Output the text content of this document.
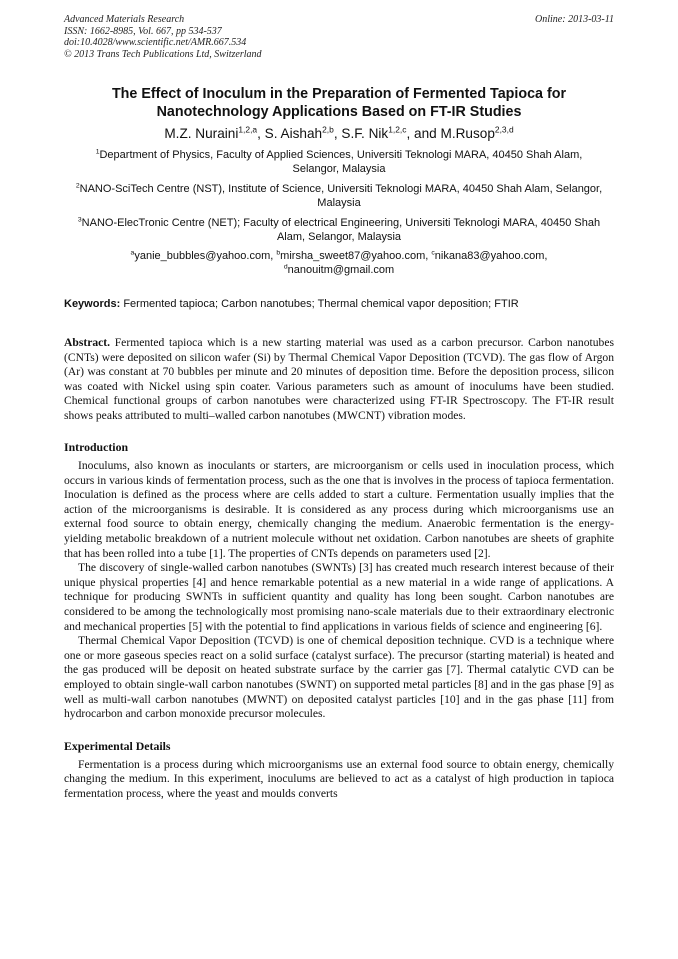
Advanced Materials Research
ISSN: 1662-8985, Vol. 667, pp 534-537
doi:10.4028/www.scientific.net/AMR.667.534
© 2013 Trans Tech Publications Ltd, Switzerland
Online: 2013-03-11
The Effect of Inoculum in the Preparation of Fermented Tapioca for Nanotechnology Applications Based on FT-IR Studies
M.Z. Nuraini$^{1,2,a}$, S. Aishah$^{2,b}$, S.F. Nik$^{1,2,c}$, and M.Rusop$^{2,3,d}$
$^1$Department of Physics, Faculty of Applied Sciences, Universiti Teknologi MARA, 40450 Shah Alam, Selangor, Malaysia
$^2$NANO-SciTech Centre (NST), Institute of Science, Universiti Teknologi MARA, 40450 Shah Alam, Selangor, Malaysia
$^3$NANO-ElecTronic Centre (NET); Faculty of electrical Engineering, Universiti Teknologi MARA, 40450 Shah Alam, Selangor, Malaysia
$^a$yanie_bubbles@yahoo.com, $^b$mirsha_sweet87@yahoo.com, $^c$nikana83@yahoo.com,
$^d$nanouitm@gmail.com
Keywords: Fermented tapioca; Carbon nanotubes; Thermal chemical vapor deposition; FTIR
Abstract. Fermented tapioca which is a new starting material was used as a carbon precursor. Carbon nanotubes (CNTs) were deposited on silicon wafer (Si) by Thermal Chemical Vapor Deposition (TCVD). The gas flow of Argon (Ar) was constant at 70 bubbles per minute and 20 minutes of deposition time. Before the deposition process, silicon was coated with Nickel using spin coater. Various parameters such as amount of inoculums have been studied. Chemical functional groups of carbon nanotubes were characterized using FT-IR Spectroscopy. The FT-IR result shows peaks attributed to multi–walled carbon nanotubes (MWCNT) vibration modes.
Introduction

Inoculums, also known as inoculants or starters, are microorganism or cells used in inoculation process, which occurs in various kinds of fermentation process, such as the one that is involves in the process of tapioca fermentation. Inoculation is defined as the process where are cells added to start a culture. Fermentation usually implies that the action of the microorganisms is desirable. It is considered as any process during which microorganisms use an external food source to obtain energy, chemically changing the medium. Anaerobic fermentation is the energy-yielding metabolic breakdown of a nutrient molecule without net oxidation. Carbon nanotubes are sheets of graphite that has been rolled into a tube [1]. The properties of CNTs depends on parameters used [2].

The discovery of single-walled carbon nanotubes (SWNTs) [3] has created much research interest because of their unique physical properties [4] and hence remarkable potential as a new material in a wide range of applications. A technique for producing SWNTs in sufficient quantity and quality has long been sought. Carbon nanotubes are considered to be among the technologically most promising nano-scale materials due to their extraordinary electronic and mechanical properties [5] with the potential to find applications in various fields of science and engineering [6].

Thermal Chemical Vapor Deposition (TCVD) is one of chemical deposition technique. CVD is a technique where one or more gaseous species react on a solid surface (catalyst surface). The precursor (starting material) is heated and the gas produced will be deposit on heated substrate surface by the carrier gas [7]. Thermal catalytic CVD can be employed to obtain single-wall carbon nanotubes (SWNT) on supported metal particles [8] and in the gas phase [9] as well as multi-wall carbon nanotubes (MWNT) on deposited catalyst particles [10] and in the gas phase [11] from hydrocarbon and carbon monoxide precursor molecules.

Experimental Details

Fermentation is a process during which microorganisms use an external food source to obtain energy, chemically changing the medium. In this experiment, inoculums are believed to act as a catalyst of high production in tapioca fermentation process, where the yeast and moulds converts
